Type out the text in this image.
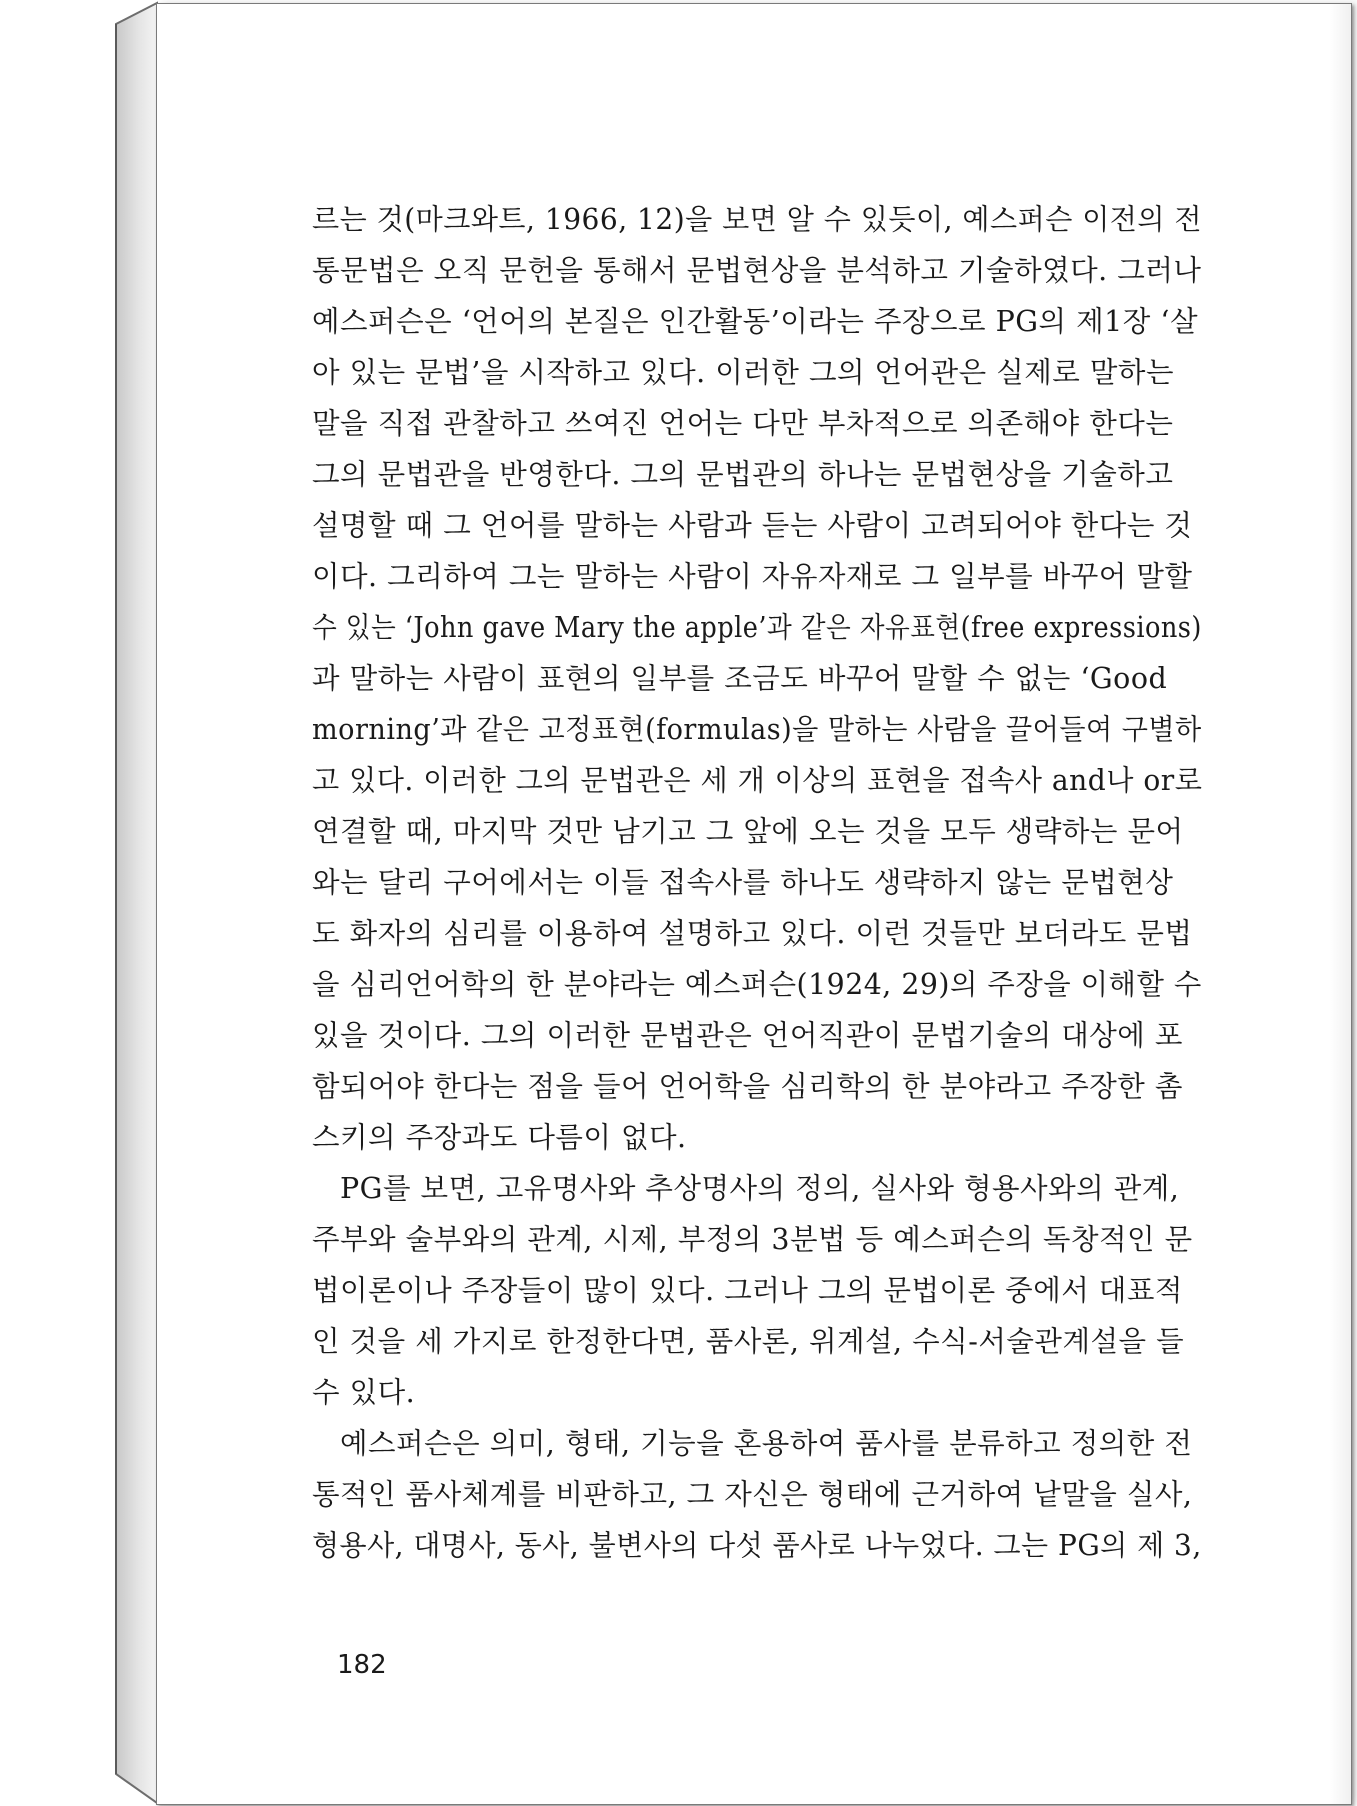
르는 것(마크와트, 1966, 12)을 보면 알 수 있듯이, 예스퍼슨 이전의 전
통문법은 오직 문헌을 통해서 문법현상을 분석하고 기술하였다. 그러나
예스퍼슨은 ‘언어의 본질은 인간활동’이라는 주장으로 PG의 제1장 ‘살
아 있는 문법’을 시작하고 있다. 이러한 그의 언어관은 실제로 말하는
말을 직접 관찰하고 쓰여진 언어는 다만 부차적으로 의존해야 한다는
그의 문법관을 반영한다. 그의 문법관의 하나는 문법현상을 기술하고
설명할 때 그 언어를 말하는 사람과 듣는 사람이 고려되어야 한다는 것
이다. 그리하여 그는 말하는 사람이 자유자재로 그 일부를 바꾸어 말할
수 있는 ‘John gave Mary the apple’과 같은 자유표현(free expressions)
과 말하는 사람이 표현의 일부를 조금도 바꾸어 말할 수 없는 ‘Good
morning’과 같은 고정표현(formulas)을 말하는 사람을 끌어들여 구별하
고 있다. 이러한 그의 문법관은 세 개 이상의 표현을 접속사 and나 or로
연결할 때, 마지막 것만 남기고 그 앞에 오는 것을 모두 생략하는 문어
와는 달리 구어에서는 이들 접속사를 하나도 생략하지 않는 문법현상
도 화자의 심리를 이용하여 설명하고 있다. 이런 것들만 보더라도 문법
을 심리언어학의 한 분야라는 예스퍼슨(1924, 29)의 주장을 이해할 수
있을 것이다. 그의 이러한 문법관은 언어직관이 문법기술의 대상에 포
함되어야 한다는 점을 들어 언어학을 심리학의 한 분야라고 주장한 촘
스키의 주장과도 다름이 없다.

PG를 보면, 고유명사와 추상명사의 정의, 실사와 형용사와의 관계,
주부와 술부와의 관계, 시제, 부정의 3분법 등 예스퍼슨의 독창적인 문
법이론이나 주장들이 많이 있다. 그러나 그의 문법이론 중에서 대표적
인 것을 세 가지로 한정한다면, 품사론, 위계설, 수식-서술관계설을 들
수 있다.

예스퍼슨은 의미, 형태, 기능을 혼용하여 품사를 분류하고 정의한 전
통적인 품사체계를 비판하고, 그 자신은 형태에 근거하여 낱말을 실사,
형용사, 대명사, 동사, 불변사의 다섯 품사로 나누었다. 그는 PG의 제 3,

182
